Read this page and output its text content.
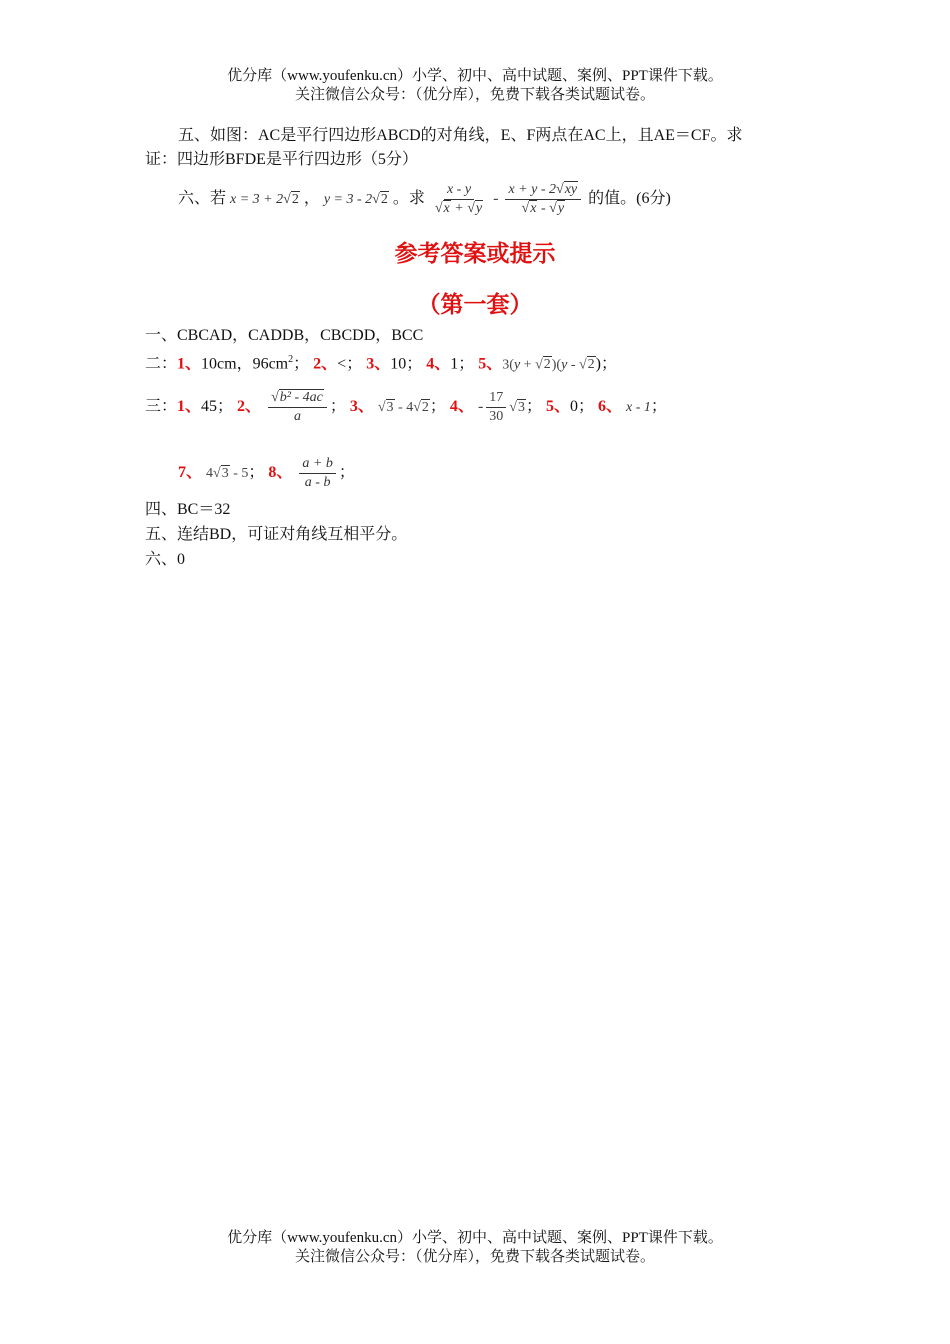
优分库（www.youfenku.cn）小学、初中、高中试题、案例、PPT课件下载。
关注微信公众号：（优分库），免费下载各类试题试卷。
五、如图：AC是平行四边形ABCD的对角线，E、F两点在AC上，且AE＝CF。求
证：四边形BFDE是平行四边形（5分）
六、若 x = 3 + 2√2 ， y = 3 - 2√2 。求 $\frac{x - y}{√x + √y} - \frac{x + y - 2√xy}{√x - √y}$ 的值。(6分)
参考答案或提示
（第一套）
一、CBCAD，CADDB，CBCDD，BCC
二：1、10cm，$96cm^2$； 2、<； 3、10； 4、1； 5、3(y + √2)(y - √2)；
三：1、45； 2、 $\frac{\text{√b² - 4ac}}{a}$ ； 3、 √3 - 4√2； 4、 - $\frac{17}{30} √3$； 5、0； 6、 x - 1；
7、 4√3 - 5； 8、 $\frac{a + b}{a - b}$ ；
四、BC＝32
五、连结BD，可证对角线互相平分。
六、0
优分库（www.youfenku.cn）小学、初中、高中试题、案例、PPT课件下载。
关注微信公众号：（优分库），免费下载各类试题试卷。
